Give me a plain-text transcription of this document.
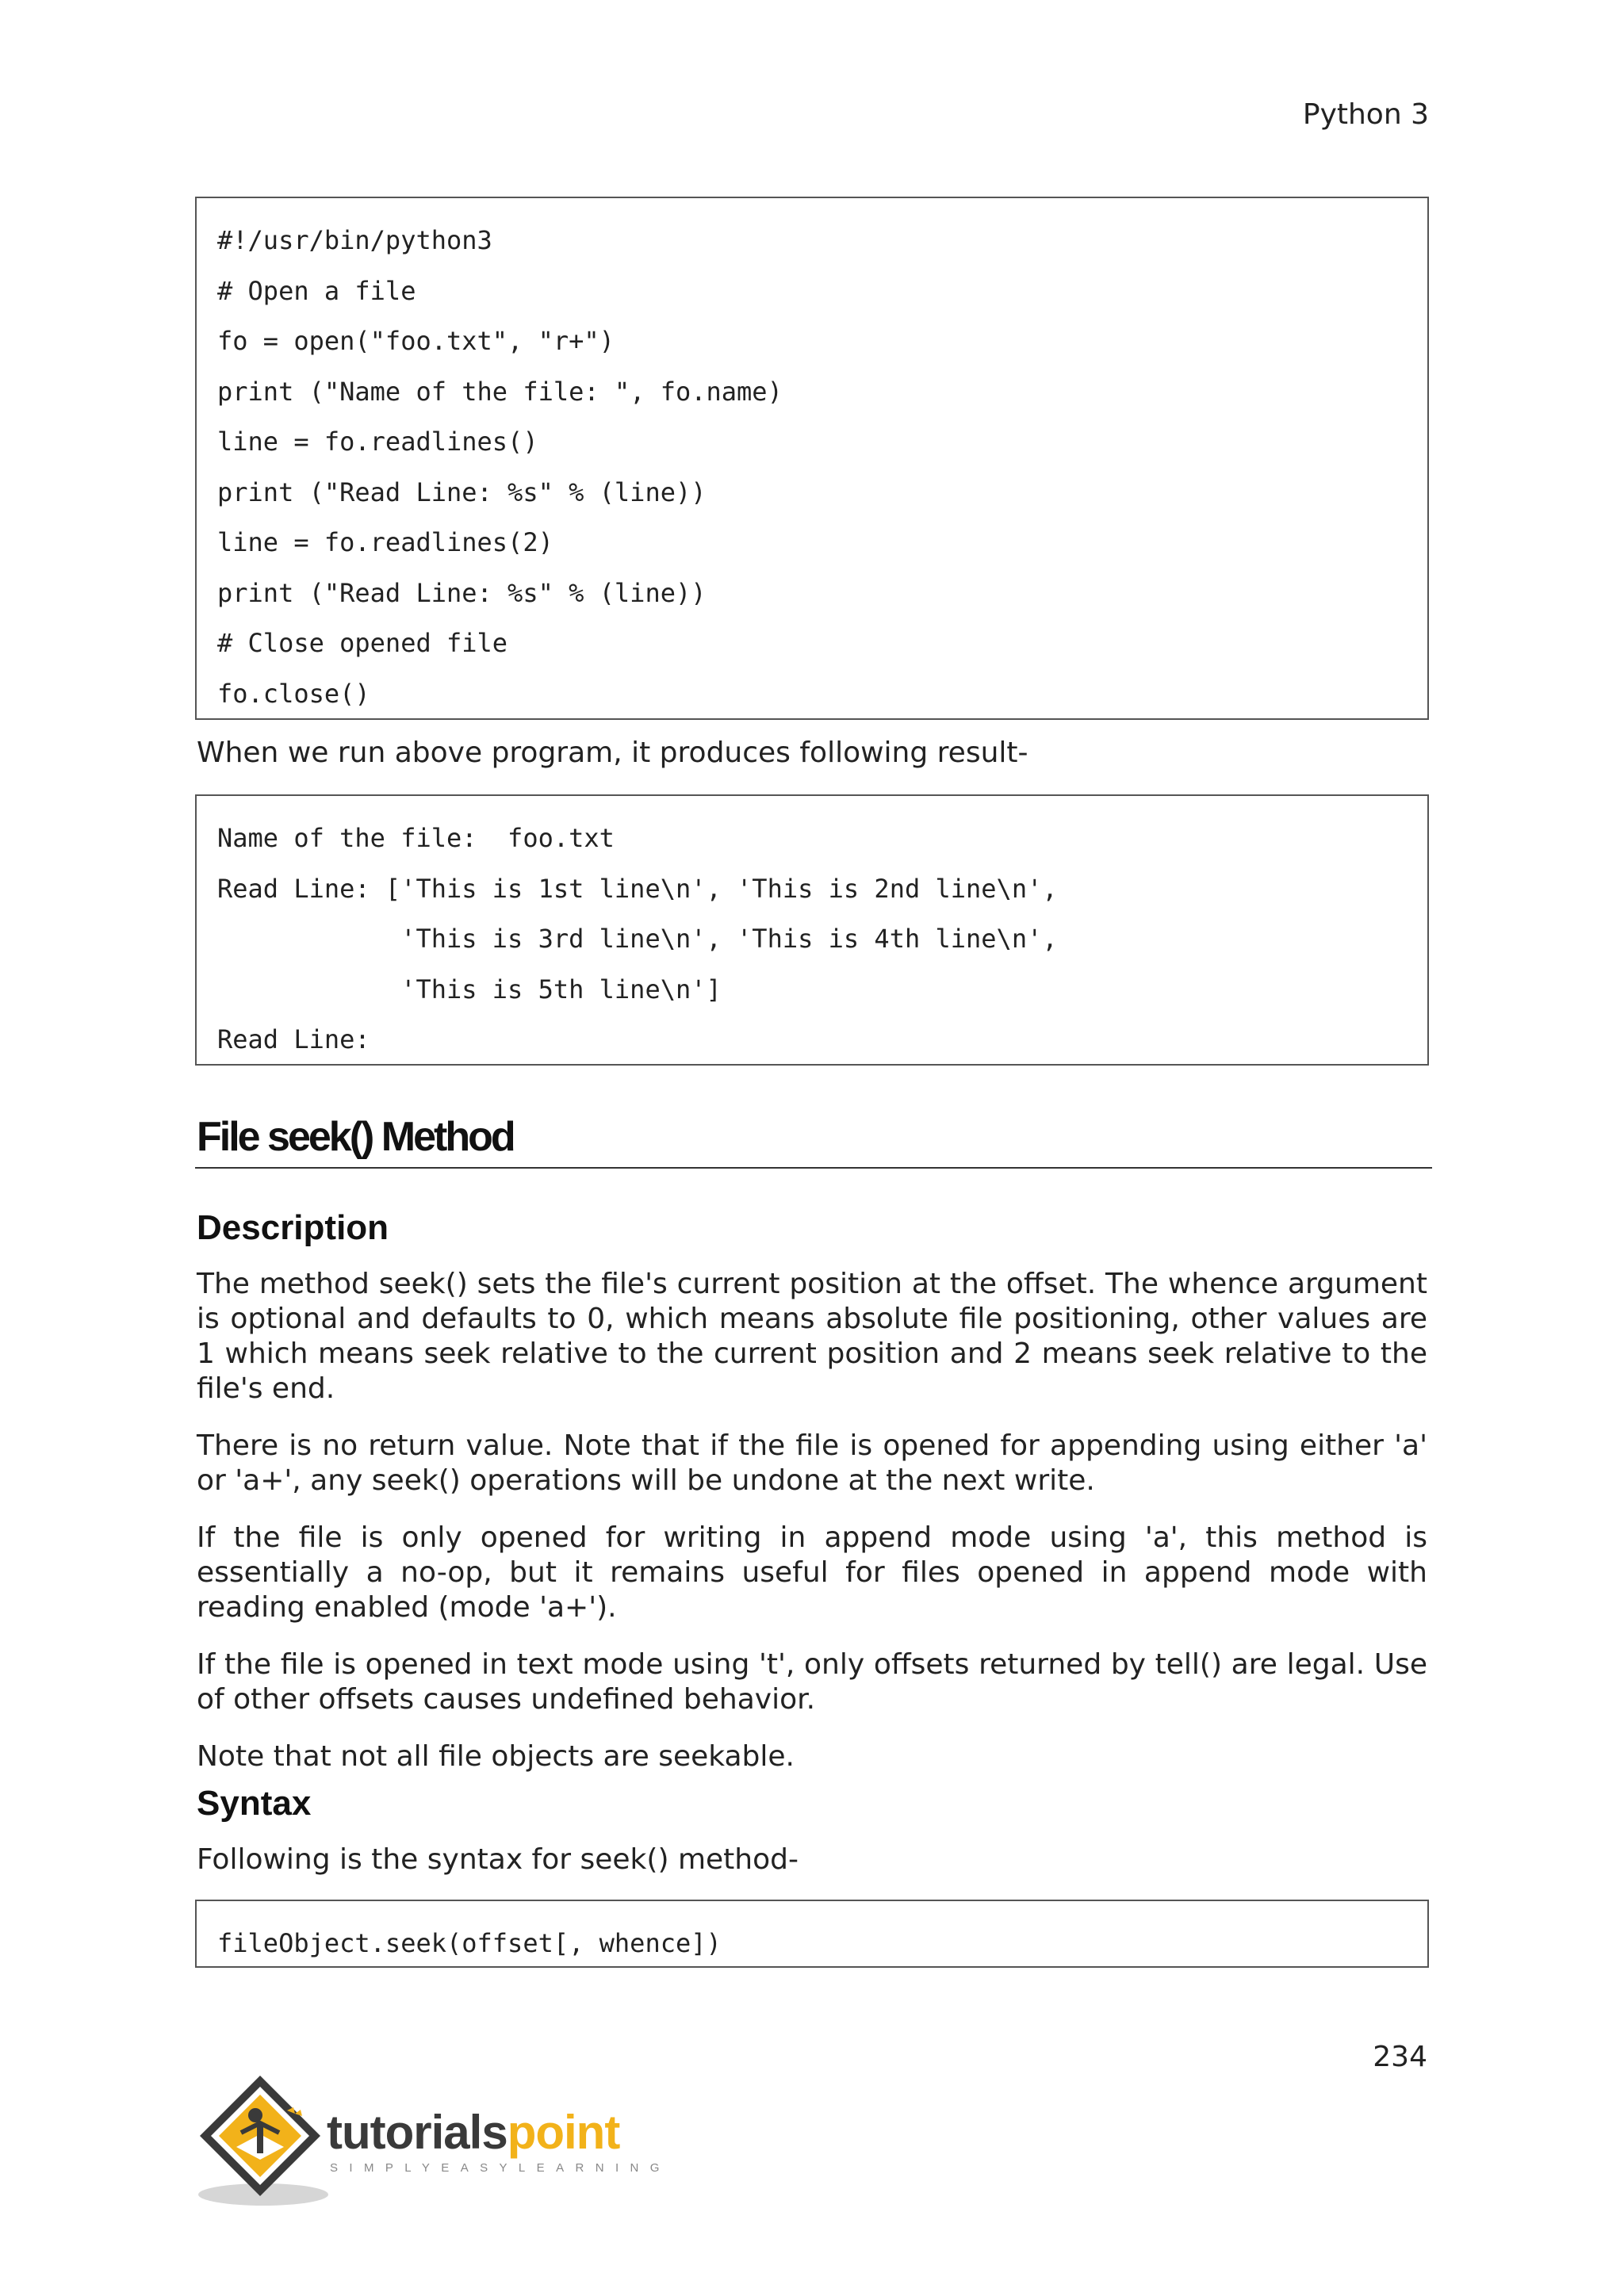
Python 3
#!/usr/bin/python3
# Open a file
fo = open("foo.txt", "r+")
print ("Name of the file: ", fo.name)
line = fo.readlines()
print ("Read Line: %s" % (line))
line = fo.readlines(2)
print ("Read Line: %s" % (line))
# Close opened file
fo.close()
When we run above program, it produces following result-
Name of the file:  foo.txt
Read Line: ['This is 1st line\n', 'This is 2nd line\n',
'This is 3rd line\n', 'This is 4th line\n',
'This is 5th line\n']
Read Line:
File seek() Method
Description

The method seek() sets the file's current position at the offset. The whence argument is optional and defaults to 0, which means absolute file positioning, other values are 1 which means seek relative to the current position and 2 means seek relative to the file's end.

There is no return value. Note that if the file is opened for appending using either 'a' or 'a+', any seek() operations will be undone at the next write.

If the file is only opened for writing in append mode using 'a', this method is essentially a no-op, but it remains useful for files opened in append mode with reading enabled (mode 'a+').

If the file is opened in text mode using 't', only offsets returned by tell() are legal. Use of other offsets causes undefined behavior.

Note that not all file objects are seekable.

Syntax
Following is the syntax for seek() method-
fileObject.seek(offset[, whence])
234
tutorialspoint
SIMPLYEASYLEARNING
